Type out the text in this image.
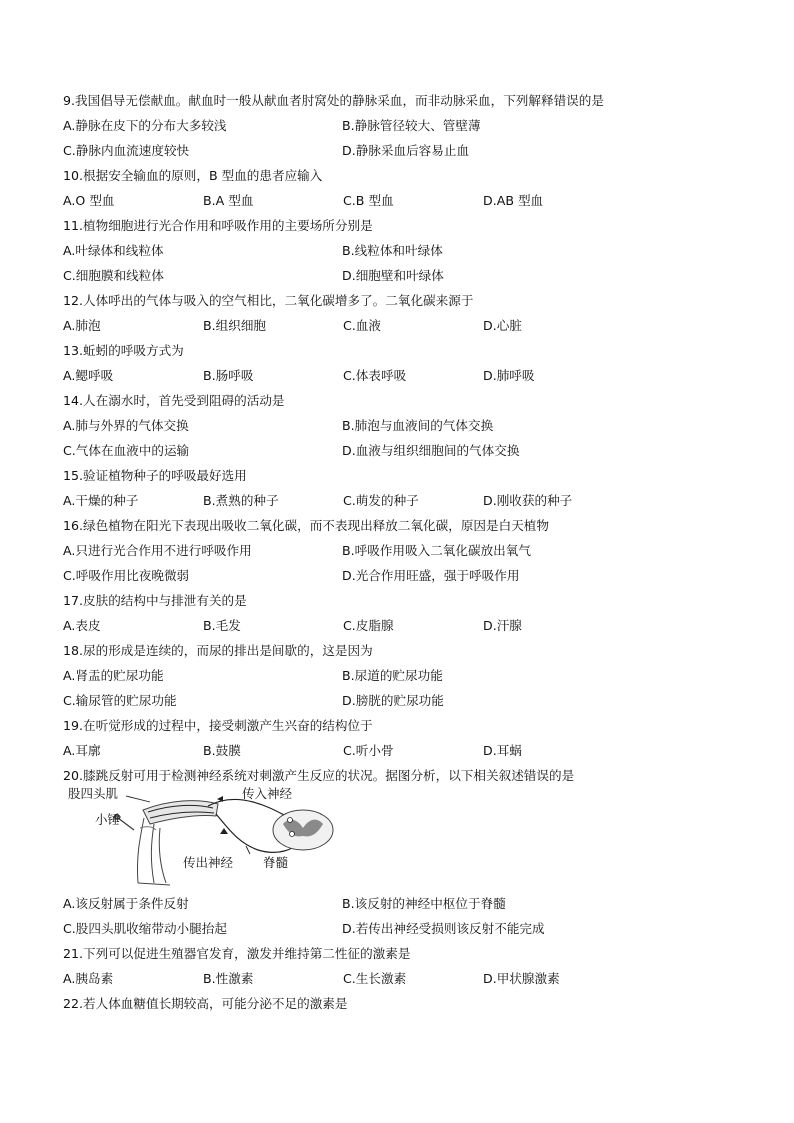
9.我国倡导无偿献血。献血时一般从献血者肘窝处的静脉采血，而非动脉采血，下列解释错误的是
A.静脉在皮下的分布大多较浅	B.静脉管径较大、管壁薄
C.静脉内血流速度较快	D.静脉采血后容易止血
10.根据安全输血的原则，B 型血的患者应输入
A.O 型血	B.A 型血	C.B 型血	D.AB 型血
11.植物细胞进行光合作用和呼吸作用的主要场所分别是
A.叶绿体和线粒体	B.线粒体和叶绿体
C.细胞膜和线粒体	D.细胞壁和叶绿体
12.人体呼出的气体与吸入的空气相比，二氧化碳增多了。二氧化碳来源于
A.肺泡	B.组织细胞	C.血液	D.心脏
13.蚯蚓的呼吸方式为
A.鳃呼吸	B.肠呼吸	C.体表呼吸	D.肺呼吸
14.人在溺水时，首先受到阻碍的活动是
A.肺与外界的气体交换	B.肺泡与血液间的气体交换
C.气体在血液中的运输	D.血液与组织细胞间的气体交换
15.验证植物种子的呼吸最好选用
A.干燥的种子	B.煮熟的种子	C.萌发的种子	D.刚收获的种子
16.绿色植物在阳光下表现出吸收二氧化碳，而不表现出释放二氧化碳，原因是白天植物
A.只进行光合作用不进行呼吸作用	B.呼吸作用吸入二氧化碳放出氧气
C.呼吸作用比夜晚微弱	D.光合作用旺盛，强于呼吸作用
17.皮肤的结构中与排泄有关的是
A.表皮	B.毛发	C.皮脂腺	D.汗腺
18.尿的形成是连续的，而尿的排出是间歇的，这是因为
A.肾盂的贮尿功能	B.尿道的贮尿功能
C.输尿管的贮尿功能	D.膀胱的贮尿功能
19.在听觉形成的过程中，接受刺激产生兴奋的结构位于
A.耳廓	B.鼓膜	C.听小骨	D.耳蜗
20.膝跳反射可用于检测神经系统对刺激产生反应的状况。据图分析，以下相关叙述错误的是
股四头肌
小锤
传入神经
传出神经 脊髓
A.该反射属于条件反射	B.该反射的神经中枢位于脊髓
C.股四头肌收缩带动小腿抬起	D.若传出神经受损则该反射不能完成
21.下列可以促进生殖器官发育，激发并维持第二性征的激素是
A.胰岛素	B.性激素	C.生长激素	D.甲状腺激素
22.若人体血糖值长期较高，可能分泌不足的激素是
